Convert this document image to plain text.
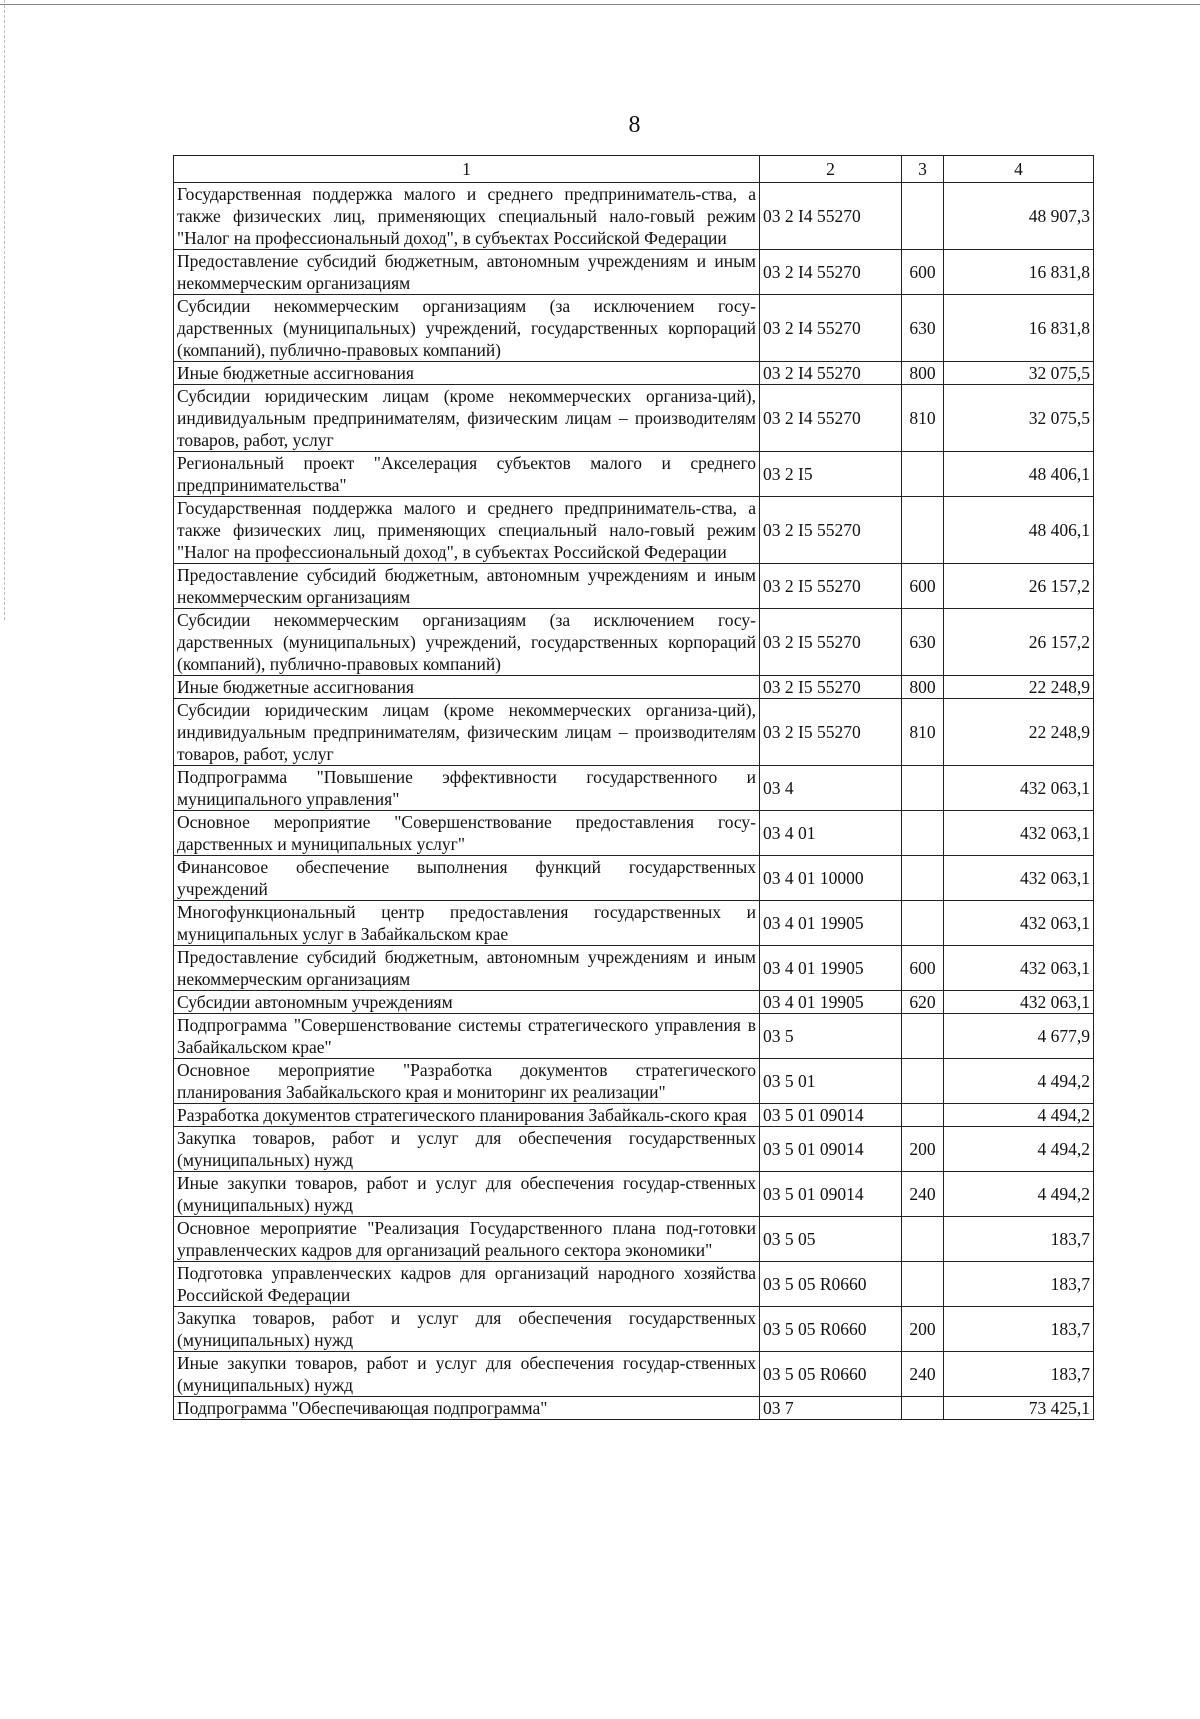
8
1	2	3	4
Государственная поддержка малого и среднего предприниматель-ства, а также физических лиц, применяющих специальный нало-говый режим "Налог на профессиональный доход", в субъектах Российской Федерации	03 2 I4 55270		48 907,3
Предоставление субсидий бюджетным, автономным учреждениям и иным некоммерческим организациям	03 2 I4 55270	600	16 831,8
Субсидии некоммерческим организациям (за исключением госу-дарственных (муниципальных) учреждений, государственных корпораций (компаний), публично-правовых компаний)	03 2 I4 55270	630	16 831,8
Иные бюджетные ассигнования	03 2 I4 55270	800	32 075,5
Субсидии юридическим лицам (кроме некоммерческих организа-ций), индивидуальным предпринимателям, физическим лицам – производителям товаров, работ, услуг	03 2 I4 55270	810	32 075,5
Региональный проект "Акселерация субъектов малого и среднего предпринимательства"	03 2 I5		48 406,1
Государственная поддержка малого и среднего предприниматель-ства, а также физических лиц, применяющих специальный нало-говый режим "Налог на профессиональный доход", в субъектах Российской Федерации	03 2 I5 55270		48 406,1
Предоставление субсидий бюджетным, автономным учреждениям и иным некоммерческим организациям	03 2 I5 55270	600	26 157,2
Субсидии некоммерческим организациям (за исключением госу-дарственных (муниципальных) учреждений, государственных корпораций (компаний), публично-правовых компаний)	03 2 I5 55270	630	26 157,2
Иные бюджетные ассигнования	03 2 I5 55270	800	22 248,9
Субсидии юридическим лицам (кроме некоммерческих организа-ций), индивидуальным предпринимателям, физическим лицам – производителям товаров, работ, услуг	03 2 I5 55270	810	22 248,9
Подпрограмма "Повышение эффективности государственного и муниципального управления"	03 4		432 063,1
Основное мероприятие "Совершенствование предоставления госу-дарственных и муниципальных услуг"	03 4 01		432 063,1
Финансовое обеспечение выполнения функций государственных учреждений	03 4 01 10000		432 063,1
Многофункциональный центр предоставления государственных и муниципальных услуг в Забайкальском крае	03 4 01 19905		432 063,1
Предоставление субсидий бюджетным, автономным учреждениям и иным некоммерческим организациям	03 4 01 19905	600	432 063,1
Субсидии автономным учреждениям	03 4 01 19905	620	432 063,1
Подпрограмма "Совершенствование системы стратегического управления в Забайкальском крае"	03 5		4 677,9
Основное мероприятие "Разработка документов стратегического планирования Забайкальского края и мониторинг их реализации"	03 5 01		4 494,2
Разработка документов стратегического планирования Забайкаль-ского края	03 5 01 09014		4 494,2
Закупка товаров, работ и услуг для обеспечения государственных (муниципальных) нужд	03 5 01 09014	200	4 494,2
Иные закупки товаров, работ и услуг для обеспечения государ-ственных (муниципальных) нужд	03 5 01 09014	240	4 494,2
Основное мероприятие "Реализация Государственного плана под-готовки управленческих кадров для организаций реального сектора экономики"	03 5 05		183,7
Подготовка управленческих кадров для организаций народного хозяйства Российской Федерации	03 5 05 R0660		183,7
Закупка товаров, работ и услуг для обеспечения государственных (муниципальных) нужд	03 5 05 R0660	200	183,7
Иные закупки товаров, работ и услуг для обеспечения государ-ственных (муниципальных) нужд	03 5 05 R0660	240	183,7
Подпрограмма "Обеспечивающая подпрограмма"	03 7		73 425,1
